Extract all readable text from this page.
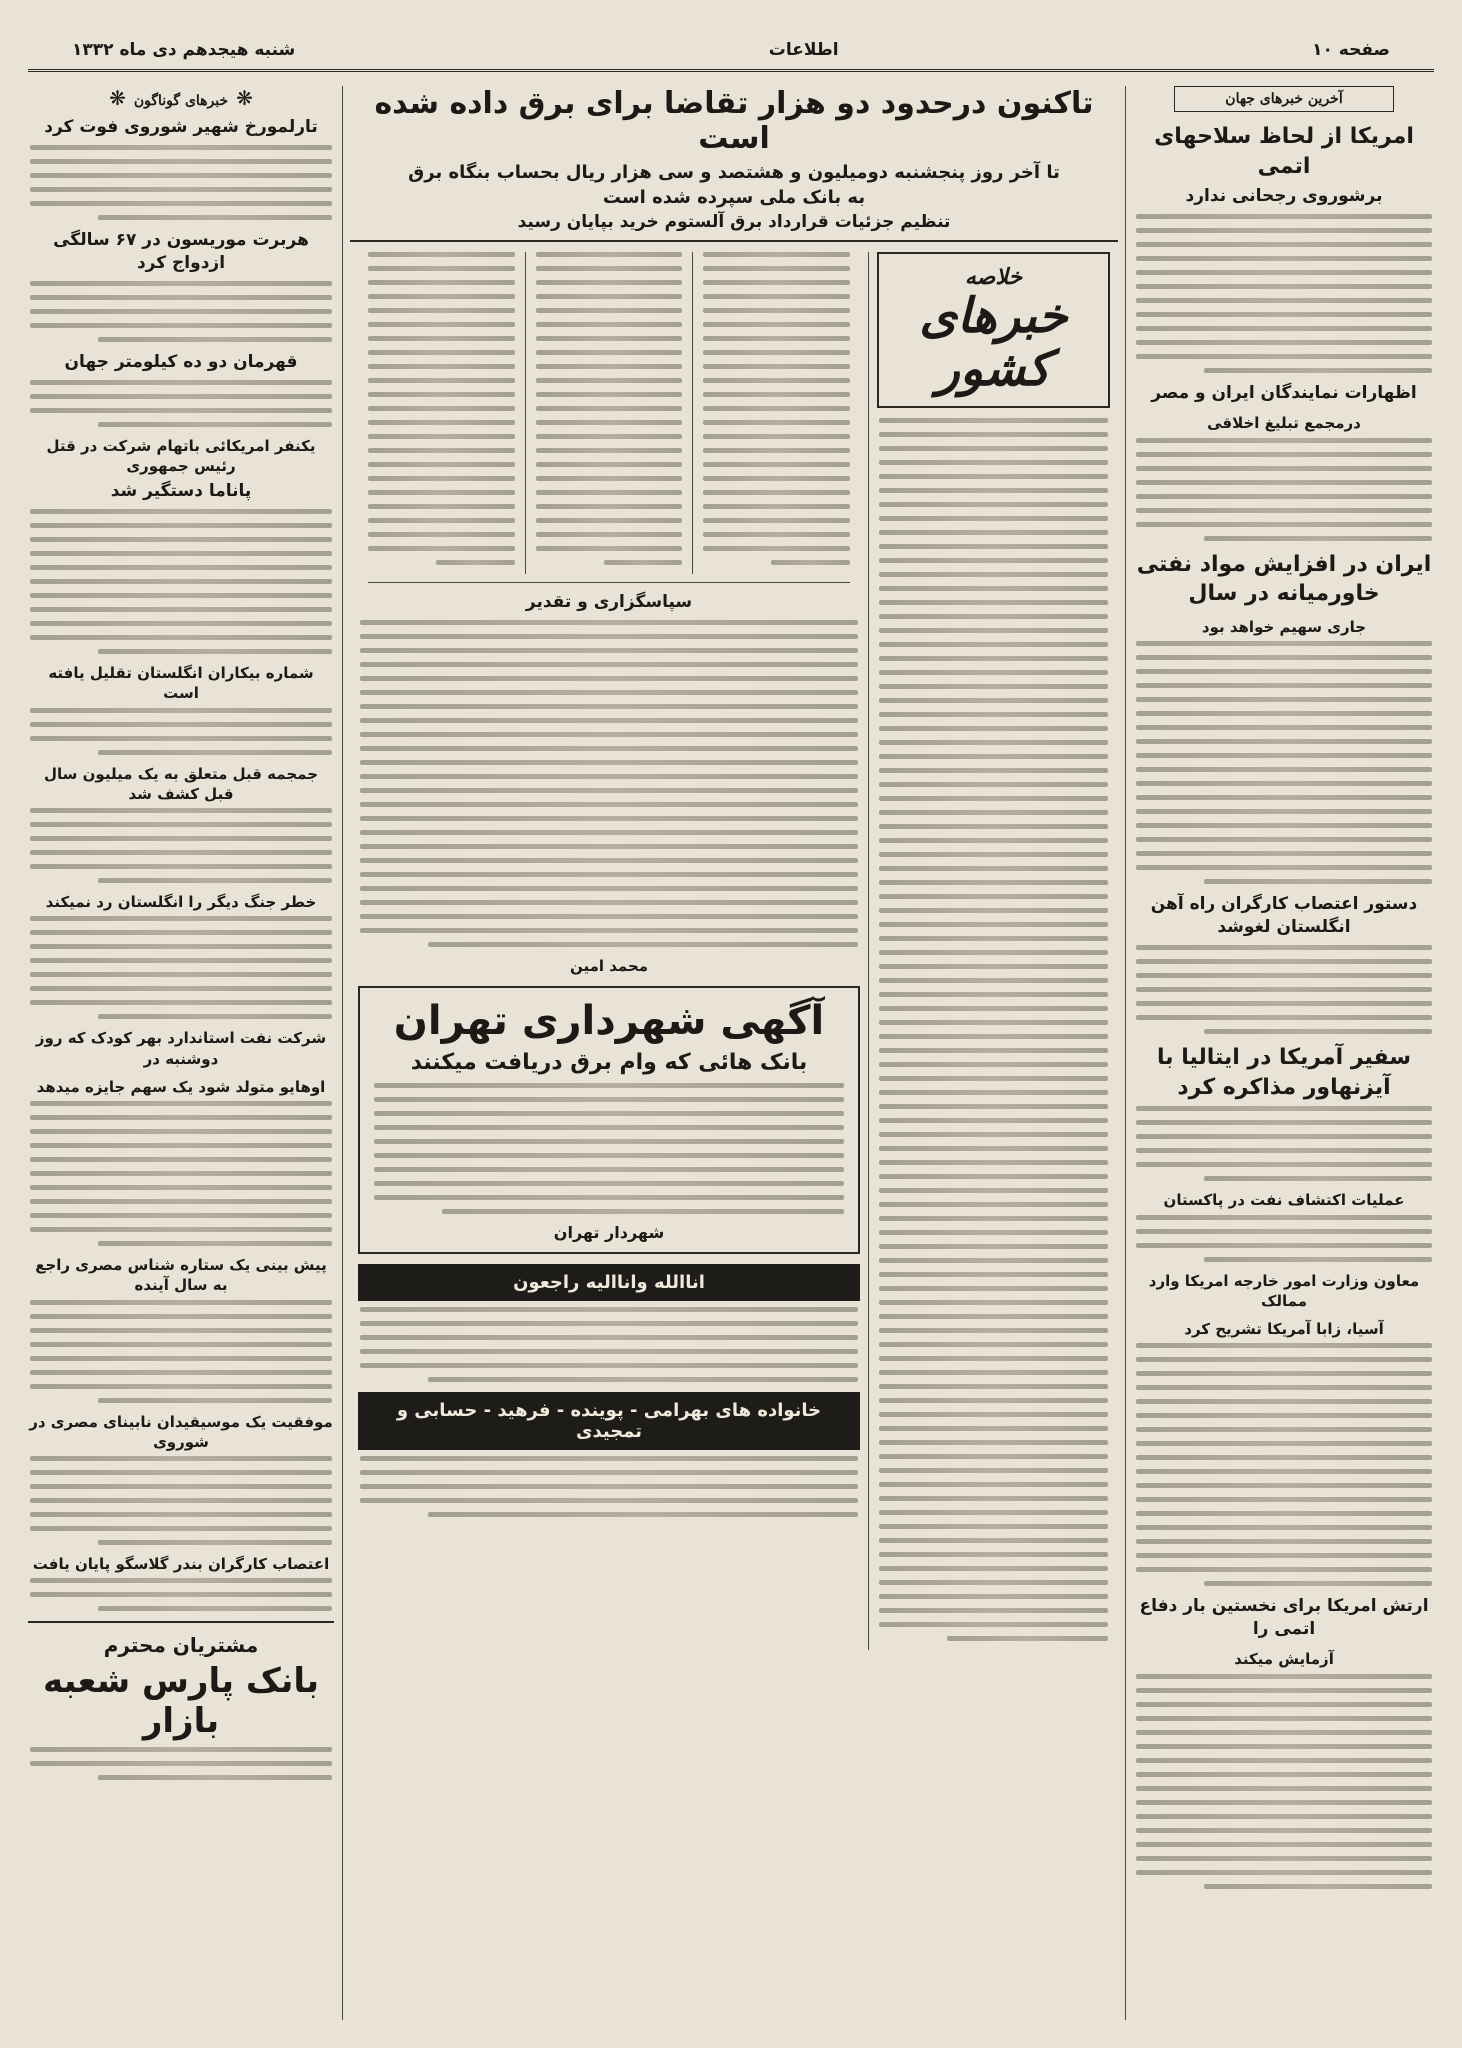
صفحه ۱۰
اطلاعات
شنبه هیجدهم دی ماه ۱۳۳۲
آخرین خبرهای جهان
امریکا از لحاظ سلاحهای اتمی
برشوروی رجحانی ندارد
اظهارات نمایندگان ایران و مصر
درمجمع تبلیغ اخلاقی
ایران در افزایش مواد نفتی خاورمیانه در سال
جاری سهیم خواهد بود
دستور اعتصاب کارگران راه آهن انگلستان لغوشد
سفیر آمریکا در ایتالیا با آیزنهاور مذاکره کرد
عملیات اکتشاف نفت در پاکستان
معاون وزارت امور خارجه امریکا وارد ممالک
آسیا، زابا آمریکا تشریح کرد
ارتش امریکا برای نخستین بار دفاع اتمی را
آزمایش میکند
تاکنون درحدود دو هزار تقاضا برای برق داده شده است
تا آخر روز پنجشنبه دومیلیون و هشتصد و سی هزار ریال بحساب بنگاه برق
به بانک ملی سپرده شده است
تنظیم جزئیات قرارداد برق آلستوم خرید بپایان رسید
خلاصه
خبرهای کشور
سپاسگزاری و تقدیر
محمد امین
آگهی شهرداری تهران
بانک هائی که وام برق دریافت میکنند
شهردار تهران
اناالله واناالیه راجعون
خانواده های بهرامی - پوینده - فرهید - حسابی و تمجیدی
❋خبرهای گوناگون❋
تارلمورخ شهیر شوروی فوت کرد
هربرت موریسون در ۶۷ سالگی ازدواج کرد
قهرمان دو ده کیلومتر جهان
یکنفر امریکائی باتهام شرکت در قتل رئیس جمهوری
پاناما دستگیر شد
شماره بیکاران انگلستان تقلیل یافته است
جمجمه قبل متعلق به یک میلیون سال قبل کشف شد
خطر جنگ دیگر را انگلستان رد نمیکند
شرکت نفت استاندارد بهر کودک که روز دوشنبه در
اوهایو متولد شود یک سهم جایزه میدهد
پیش بینی یک ستاره شناس مصری راجع به سال آینده
موفقیت یک موسیقیدان نابینای مصری در شوروی
اعتصاب کارگران بندر گلاسگو پایان یافت
مشتریان محترم
بانک پارس شعبه بازار
